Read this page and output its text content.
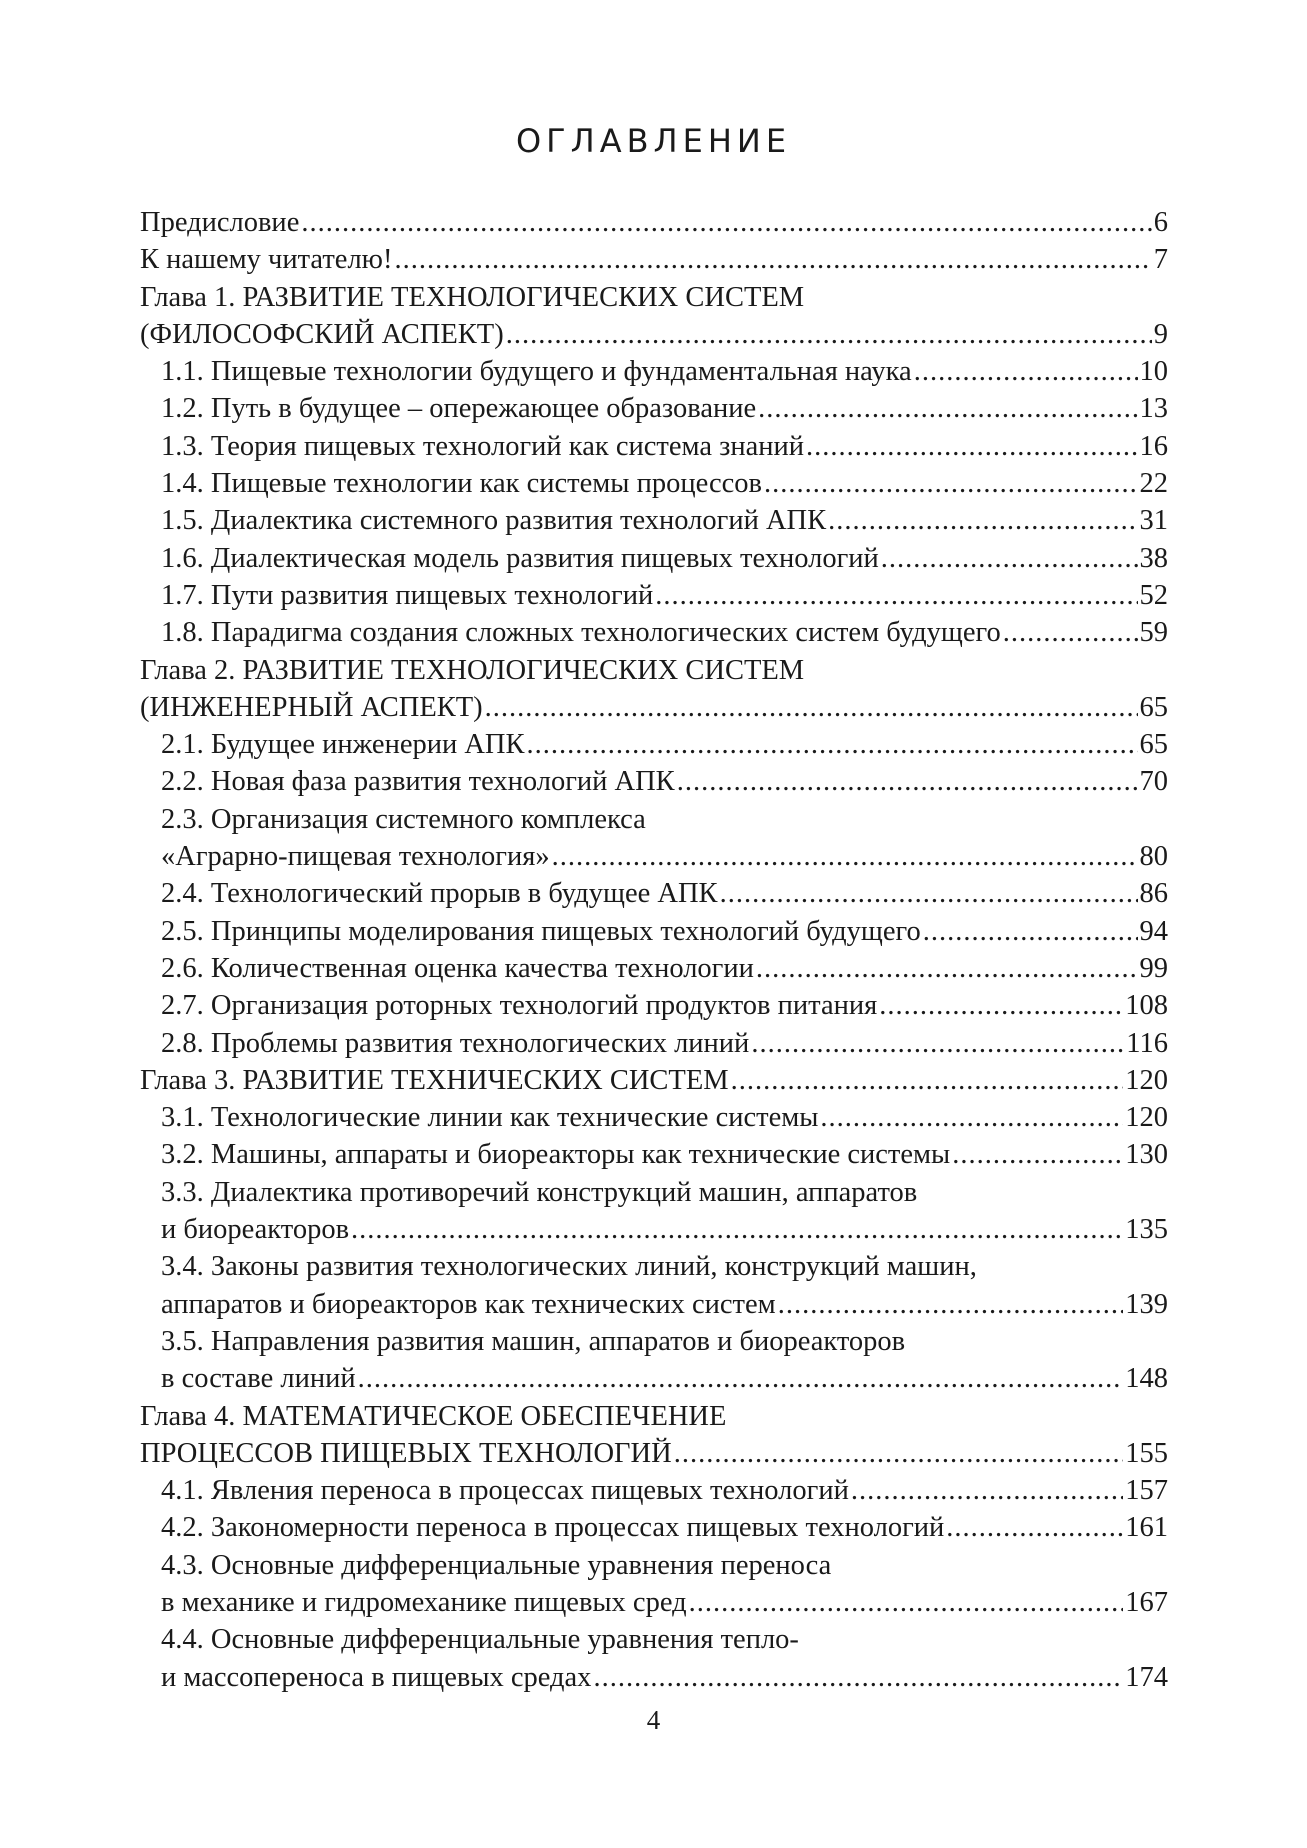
ОГЛАВЛЕНИЕ
Предисловие .....	6
К нашему читателю! .....	7
Глава 1. РАЗВИТИЕ ТЕХНОЛОГИЧЕСКИХ СИСТЕМ
(ФИЛОСОФСКИЙ АСПЕКТ) .....	9
1.1. Пищевые технологии будущего и фундаментальная наука .....	10
1.2. Путь в будущее – опережающее образование .....	13
1.3. Теория пищевых технологий как система знаний .....	16
1.4. Пищевые технологии как системы процессов .....	22
1.5. Диалектика системного развития технологий АПК .....	31
1.6. Диалектическая модель развития пищевых технологий .....	38
1.7. Пути развития пищевых технологий .....	52
1.8. Парадигма создания сложных технологических систем будущего .....	59
Глава 2. РАЗВИТИЕ ТЕХНОЛОГИЧЕСКИХ СИСТЕМ
(ИНЖЕНЕРНЫЙ АСПЕКТ) .....	65
2.1. Будущее инженерии АПК .....	65
2.2. Новая фаза развития технологий АПК .....	70
2.3. Организация системного комплекса
«Аграрно-пищевая технология» .....	80
2.4. Технологический прорыв в будущее АПК .....	86
2.5. Принципы моделирования пищевых технологий будущего .....	94
2.6. Количественная оценка качества технологии .....	99
2.7. Организация роторных технологий продуктов питания .....	108
2.8. Проблемы развития технологических линий .....	116
Глава 3. РАЗВИТИЕ ТЕХНИЧЕСКИХ СИСТЕМ .....	120
3.1. Технологические линии как технические системы .....	120
3.2. Машины, аппараты и биореакторы как технические системы .....	130
3.3. Диалектика противоречий конструкций машин, аппаратов
и биореакторов .....	135
3.4. Законы развития технологических линий, конструкций машин,
аппаратов и биореакторов как технических систем .....	139
3.5. Направления развития машин, аппаратов и биореакторов
в составе линий .....	148
Глава 4. МАТЕМАТИЧЕСКОЕ ОБЕСПЕЧЕНИЕ
ПРОЦЕССОВ ПИЩЕВЫХ ТЕХНОЛОГИЙ .....	155
4.1. Явления переноса в процессах пищевых технологий .....	157
4.2. Закономерности переноса в процессах пищевых технологий .....	161
4.3. Основные дифференциальные уравнения переноса
в механике и гидромеханике пищевых сред .....	167
4.4. Основные дифференциальные уравнения тепло-
и массопереноса в пищевых средах .....	174
4
